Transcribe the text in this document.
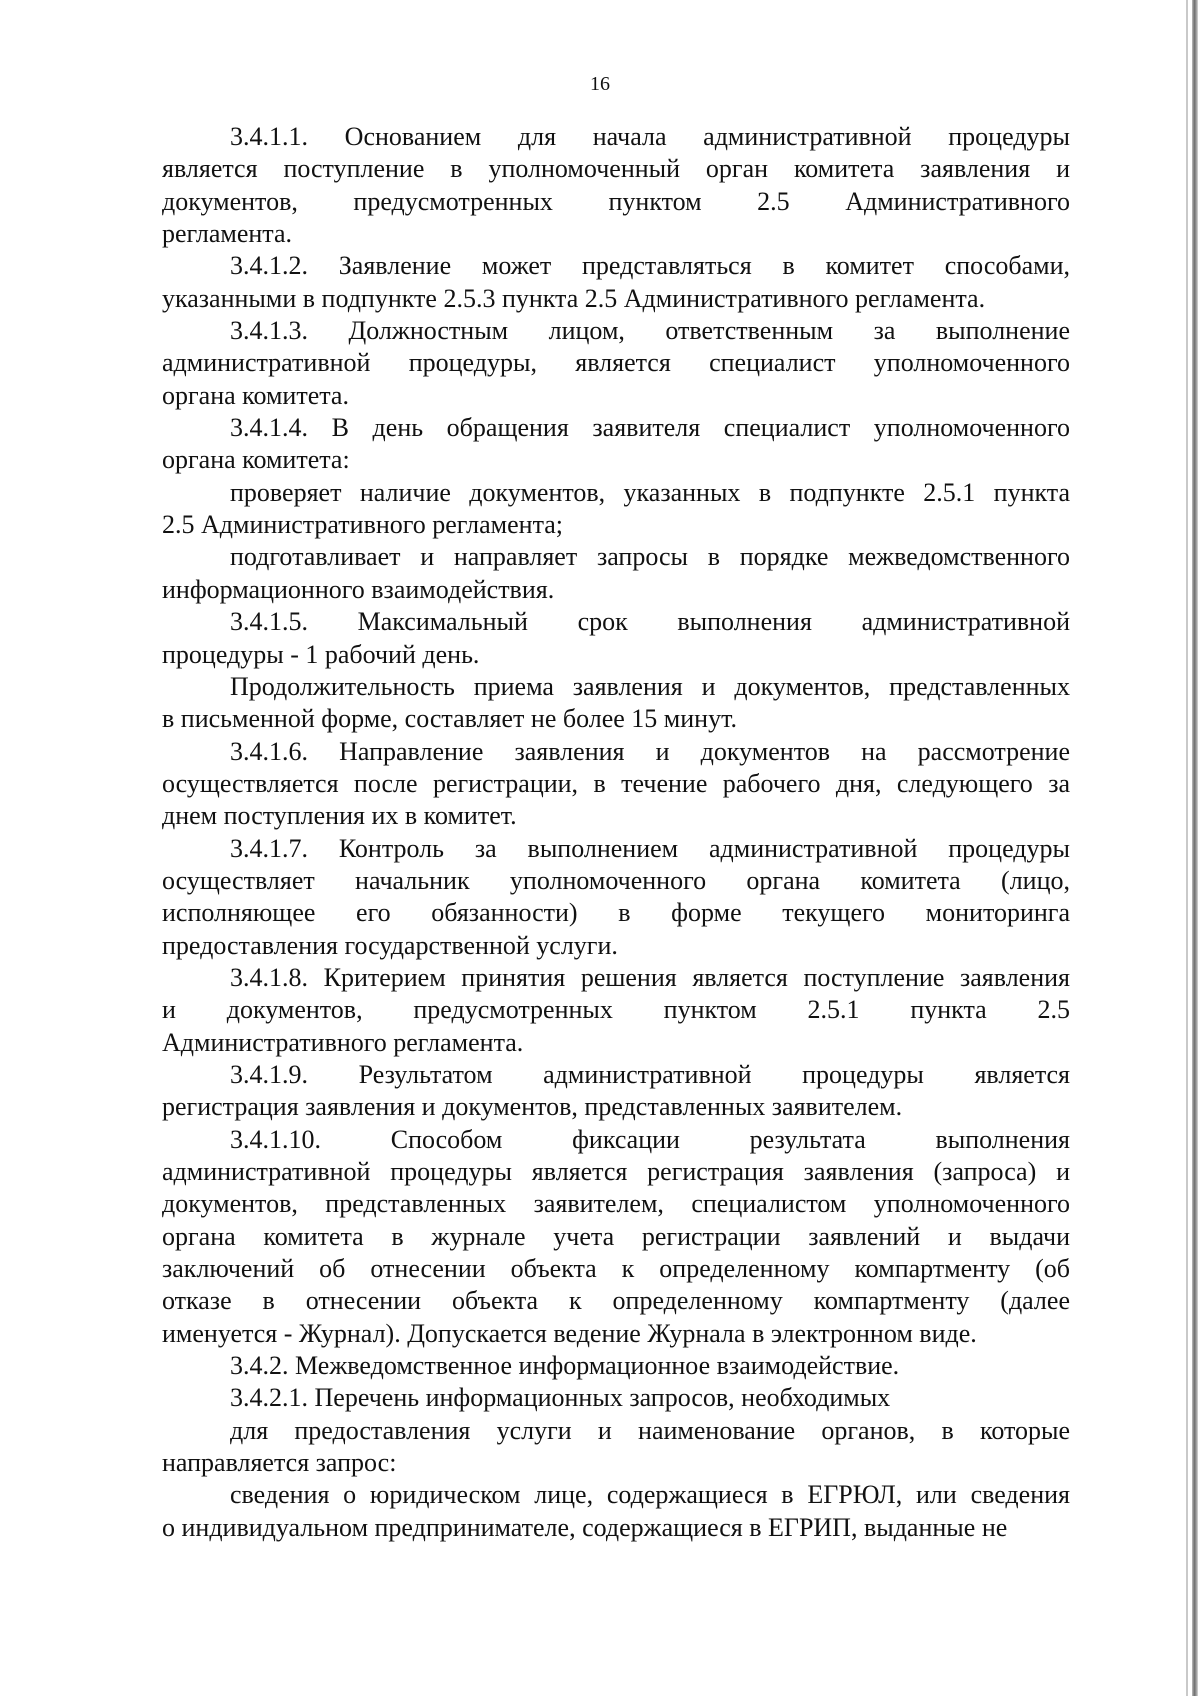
16
3.4.1.1. Основанием для начала административной процедуры
является поступление в уполномоченный орган комитета заявления и
документов, предусмотренных пунктом 2.5 Административного
регламента.
3.4.1.2. Заявление может представляться в комитет способами,
указанными в подпункте 2.5.3 пункта 2.5 Административного регламента.
3.4.1.3. Должностным лицом, ответственным за выполнение
административной процедуры, является специалист уполномоченного
органа комитета.
3.4.1.4. В день обращения заявителя специалист уполномоченного
органа комитета:
проверяет наличие документов, указанных в подпункте 2.5.1 пункта
2.5 Административного регламента;
подготавливает и направляет запросы в порядке межведомственного
информационного взаимодействия.
3.4.1.5. Максимальный срок выполнения административной
процедуры - 1 рабочий день.
Продолжительность приема заявления и документов, представленных
в письменной форме, составляет не более 15 минут.
3.4.1.6. Направление заявления и документов на рассмотрение
осуществляется после регистрации, в течение рабочего дня, следующего за
днем поступления их в комитет.
3.4.1.7. Контроль за выполнением административной процедуры
осуществляет начальник уполномоченного органа комитета (лицо,
исполняющее его обязанности) в форме текущего мониторинга
предоставления государственной услуги.
3.4.1.8. Критерием принятия решения является поступление заявления
и документов, предусмотренных пунктом 2.5.1 пункта 2.5
Административного регламента.
3.4.1.9. Результатом административной процедуры является
регистрация заявления и документов, представленных заявителем.
3.4.1.10. Способом фиксации результата выполнения
административной процедуры является регистрация заявления (запроса) и
документов, представленных заявителем, специалистом уполномоченного
органа комитета в журнале учета регистрации заявлений и выдачи
заключений об отнесении объекта к определенному компартменту (об
отказе в отнесении объекта к определенному компартменту (далее
именуется - Журнал). Допускается ведение Журнала в электронном виде.
3.4.2. Межведомственное информационное взаимодействие.
3.4.2.1. Перечень информационных запросов, необходимых
для предоставления услуги и наименование органов, в которые
направляется запрос:
сведения о юридическом лице, содержащиеся в ЕГРЮЛ, или сведения
о индивидуальном предпринимателе, содержащиеся в ЕГРИП, выданные не
